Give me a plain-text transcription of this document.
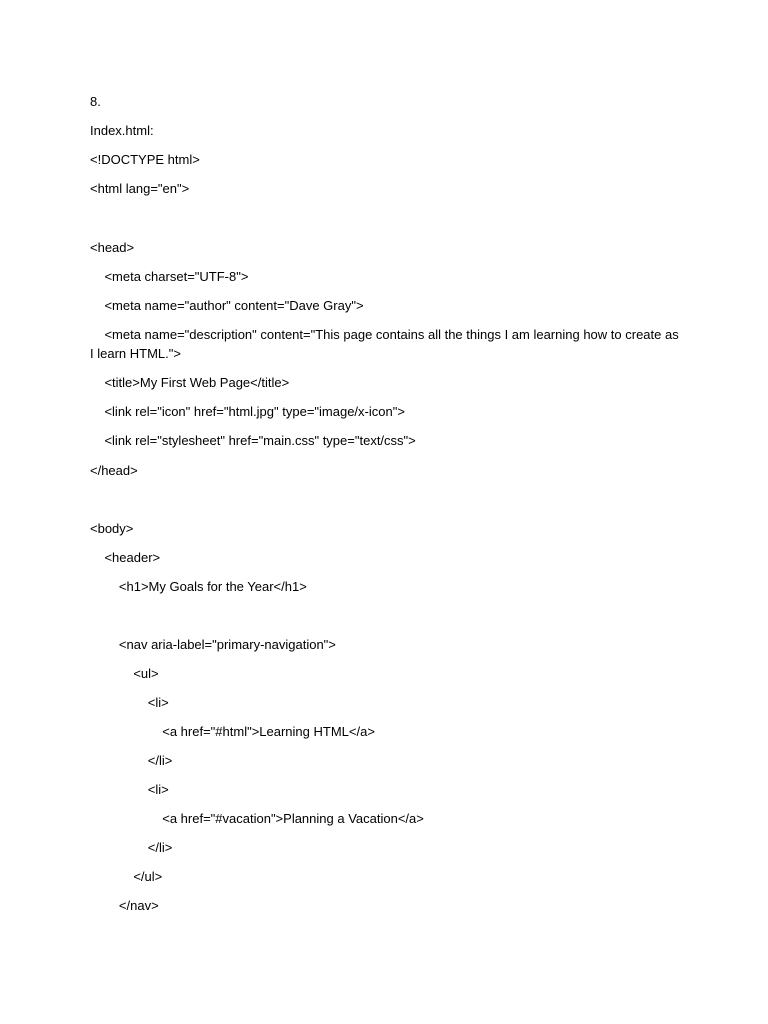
8.

Index.html:

<!DOCTYPE html>

<html lang="en">

<head>

<meta charset="UTF-8">

<meta name="author" content="Dave Gray">

<meta name="description" content="This page contains all the things I am learning how to create as I learn HTML.">

<title>My First Web Page</title>

<link rel="icon" href="html.jpg" type="image/x-icon">

<link rel="stylesheet" href="main.css" type="text/css">

</head>

<body>

<header>

<h1>My Goals for the Year</h1>

<nav aria-label="primary-navigation">

<ul>

<li>

<a href="#html">Learning HTML</a>

</li>

<li>

<a href="#vacation">Planning a Vacation</a>

</li>

</ul>

</nav>
